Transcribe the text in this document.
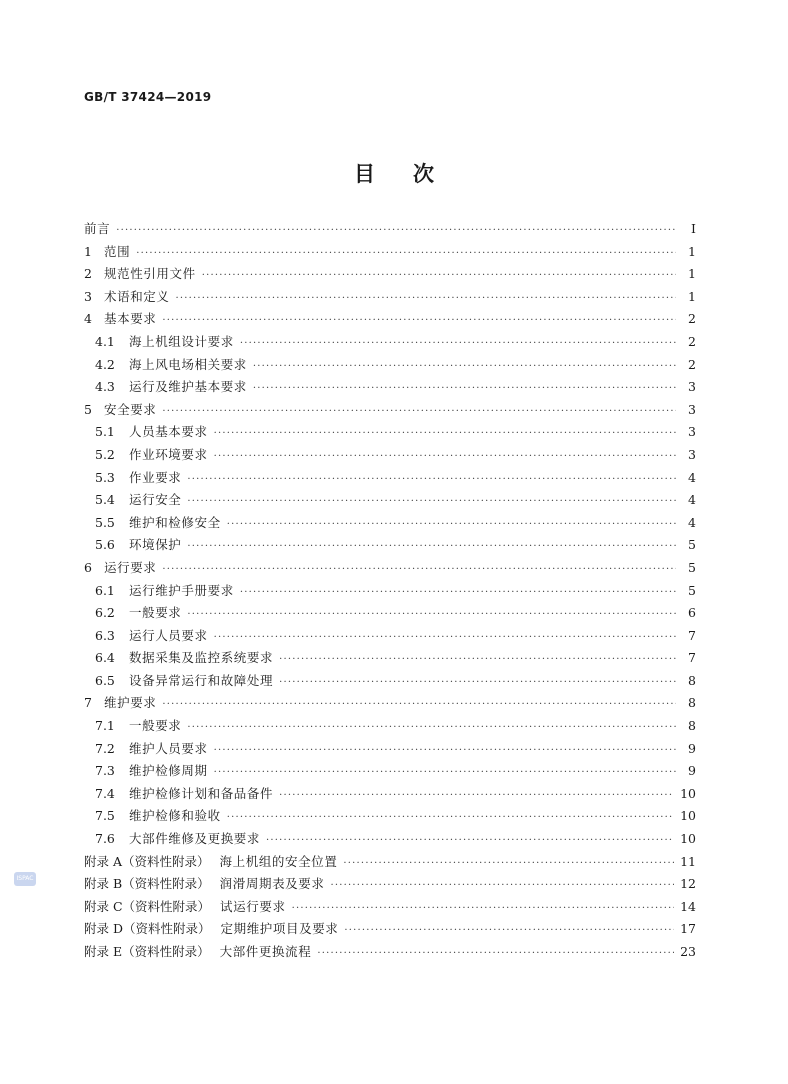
GB/T 37424—2019
目次
前言 ·····	Ⅰ
1 范围 ·····	1
2 规范性引用文件 ·····	1
3 术语和定义 ·····	1
4 基本要求 ·····	2
4.1	海上机组设计要求 ·····	2
4.2	海上风电场相关要求 ·····	2
4.3	运行及维护基本要求 ·····	3
5 安全要求 ·····	3
5.1	人员基本要求 ·····	3
5.2	作业环境要求 ·····	3
5.3	作业要求 ·····	4
5.4	运行安全 ·····	4
5.5	维护和检修安全 ·····	4
5.6	环境保护 ·····	5
6 运行要求 ·····	5
6.1	运行维护手册要求 ·····	5
6.2	一般要求 ·····	6
6.3	运行人员要求 ·····	7
6.4	数据采集及监控系统要求 ·····	7
6.5	设备异常运行和故障处理 ·····	8
7 维护要求 ·····	8
7.1	一般要求 ·····	8
7.2	维护人员要求 ·····	9
7.3	维护检修周期 ·····	9
7.4	维护检修计划和备品备件 ·····	10
7.5	维护检修和验收 ·····	10
7.6	大部件维修及更换要求 ·····	10
附录 A（资料性附录） 海上机组的安全位置 ·····	11
附录 B（资料性附录） 润滑周期表及要求 ·····	12
附录 C（资料性附录） 试运行要求 ·····	14
附录 D（资料性附录） 定期维护项目及要求 ·····	17
附录 E（资料性附录） 大部件更换流程 ·····	23
ISPAC
